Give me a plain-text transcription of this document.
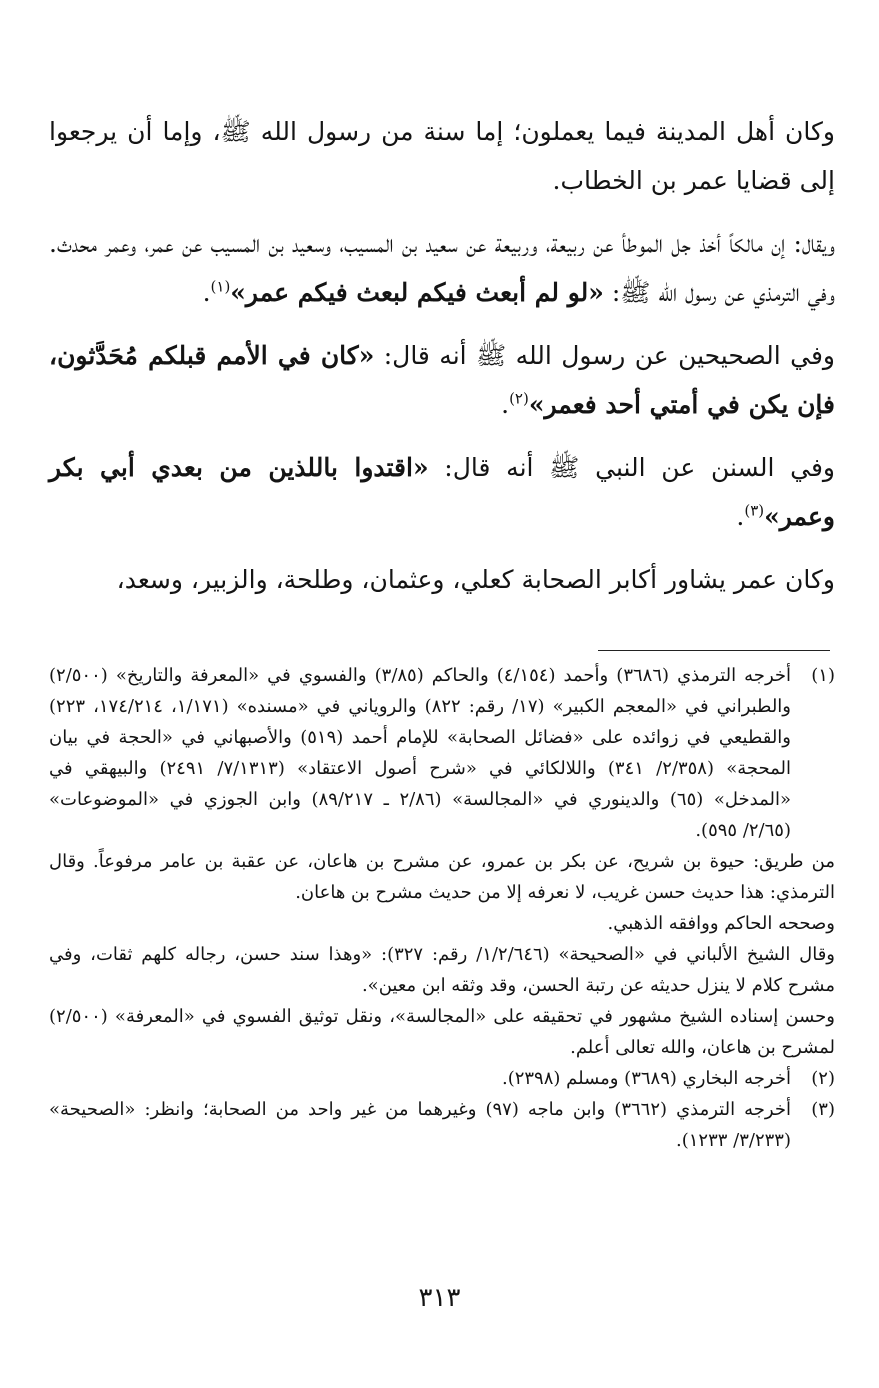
وكان أهل المدينة فيما يعملون؛ إما سنة من رسول الله ﷺ، وإما أن يرجعوا إلى قضايا عمر بن الخطاب.

ويقال: إن مالكاً أخذ جل الموطأ عن ربيعة، وربيعة عن سعيد بن المسيب، وسعيد بن المسيب عن عمر، وعمر محدث. وفي الترمذي عن رسول الله ﷺ: «لو لم أبعث فيكم لبعث فيكم عمر»$^{(١)}$.

وفي الصحيحين عن رسول الله ﷺ أنه قال: «كان في الأمم قبلكم مُحَدَّثون، فإن يكن في أمتي أحد فعمر»$^{(٢)}$.

وفي السنن عن النبي ﷺ أنه قال: «اقتدوا باللذين من بعدي أبي بكر وعمر»$^{(٣)}$.

وكان عمر يشاور أكابر الصحابة كعلي، وعثمان، وطلحة، والزبير، وسعد،

(١)

أخرجه الترمذي (٣٦٨٦) وأحمد (٤/١٥٤) والحاكم (٣/٨٥) والفسوي في «المعرفة والتاريخ» (٢/٥٠٠) والطبراني في «المعجم الكبير» (١٧/ رقم: ٨٢٢) والروياني في «مسنده» (١/١٧١، ١٧٤/٢١٤، ٢٢٣) والقطيعي في زوائده على «فضائل الصحابة» للإمام أحمد (٥١٩) والأصبهاني في «الحجة في بيان المحجة» (٢/٣٥٨/ ٣٤١) واللالكائي في «شرح أصول الاعتقاد» (٧/١٣١٣/ ٢٤٩١) والبيهقي في «المدخل» (٦٥) والدينوري في «المجالسة» (٢/٨٦ ـ ٨٩/٢١٧) وابن الجوزي في «الموضوعات» (٢/٦٥/ ٥٩٥).

من طريق: حيوة بن شريح، عن بكر بن عمرو، عن مشرح بن هاعان، عن عقبة بن عامر مرفوعاً. وقال الترمذي: هذا حديث حسن غريب، لا نعرفه إلا من حديث مشرح بن هاعان.

وصححه الحاكم ووافقه الذهبي.

وقال الشيخ الألباني في «الصحيحة» (١/٢/٦٤٦/ رقم: ٣٢٧): «وهذا سند حسن، رجاله كلهم ثقات، وفي مشرح كلام لا ينزل حديثه عن رتبة الحسن، وقد وثقه ابن معين».

وحسن إسناده الشيخ مشهور في تحقيقه على «المجالسة»، ونقل توثيق الفسوي في «المعرفة» (٢/٥٠٠) لمشرح بن هاعان، والله تعالى أعلم.

(٢)

أخرجه البخاري (٣٦٨٩) ومسلم (٢٣٩٨).

(٣)

أخرجه الترمذي (٣٦٦٢) وابن ماجه (٩٧) وغيرهما من غير واحد من الصحابة؛ وانظر: «الصحيحة» (٣/٢٣٣/ ١٢٣٣).

٣١٣
